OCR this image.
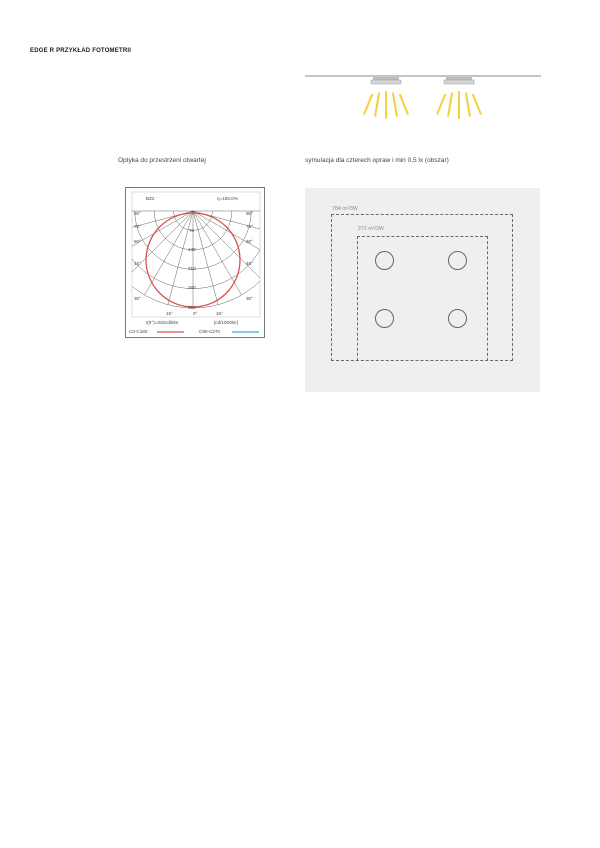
EDGE R PRZYKŁAD FOTOMETRII
Optyka do przestrzeni otwartej	symulacja dla czterech opraw i min 0,5 lx (obszar)
BZ2	η=100.0%
90°
75°
60°
45°
30°
90°
75°
60°
45°
30°
70
140
210
280
350
15°	0°	15°
I(0°)=332cd/klm	[cd/1000lm]
C0-C180	C90-C270
784 m²/3W
272 m²/3W
